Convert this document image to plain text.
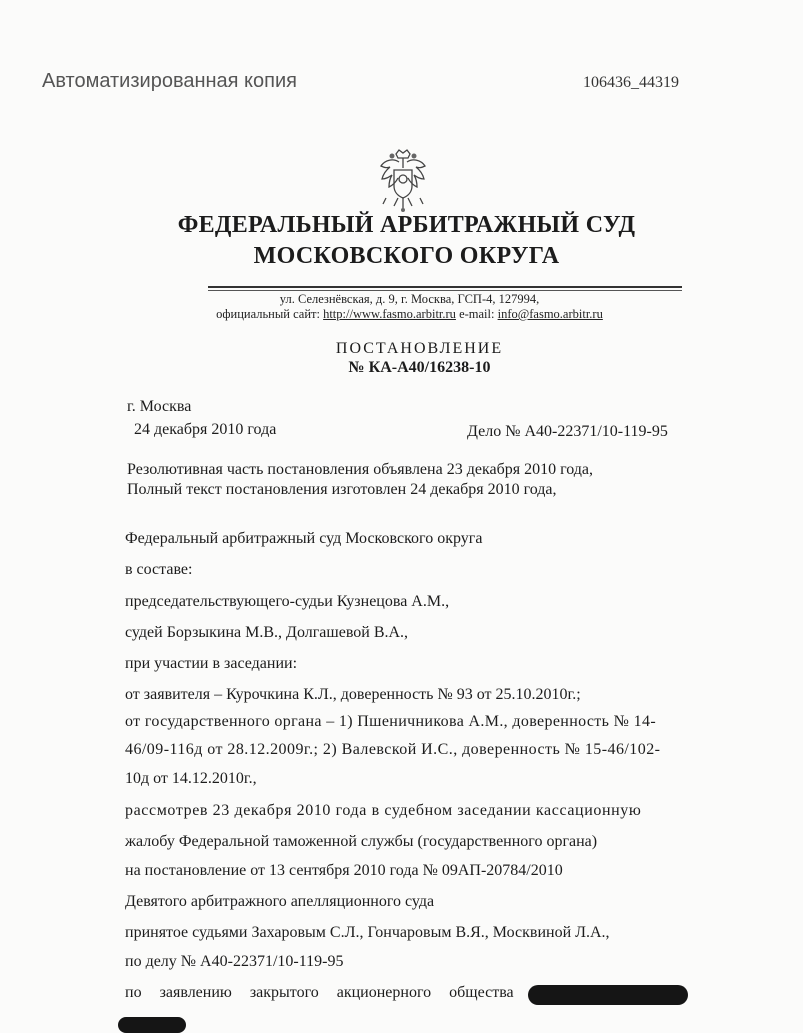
Автоматизированная копия	106436_44319
ФЕДЕРАЛЬНЫЙ АРБИТРАЖНЫЙ СУД
МОСКОВСКОГО ОКРУГА
ул. Селезнёвская, д. 9, г. Москва, ГСП-4, 127994,
официальный сайт: http://www.fasmo.arbitr.ru e-mail: info@fasmo.arbitr.ru
ПОСТАНОВЛЕНИЕ
№ КА-А40/16238-10
г. Москва
24 декабря 2010 года	Дело № А40-22371/10-119-95
Резолютивная часть постановления объявлена 23 декабря 2010 года,
Полный текст постановления изготовлен 24 декабря 2010 года,
Федеральный арбитражный суд Московского округа
в составе:
председательствующего-судьи Кузнецова А.М.,
судей Борзыкина М.В., Долгашевой В.А.,
при участии в заседании:
от заявителя – Курочкина К.Л., доверенность № 93 от 25.10.2010г.;
от государственного органа – 1) Пшеничникова А.М., доверенность № 14-
46/09-116д от 28.12.2009г.; 2) Валевской И.С., доверенность № 15-46/102-
10д от 14.12.2010г.,
рассмотрев 23 декабря 2010 года в судебном заседании кассационную
жалобу Федеральной таможенной службы (государственного органа)
на постановление от 13 сентября 2010 года № 09АП-20784/2010
Девятого арбитражного апелляционного суда
принятое судьями Захаровым С.Л., Гончаровым В.Я., Москвиной Л.А.,
по делу № А40-22371/10-119-95
по заявлению закрытого акционерного общества
